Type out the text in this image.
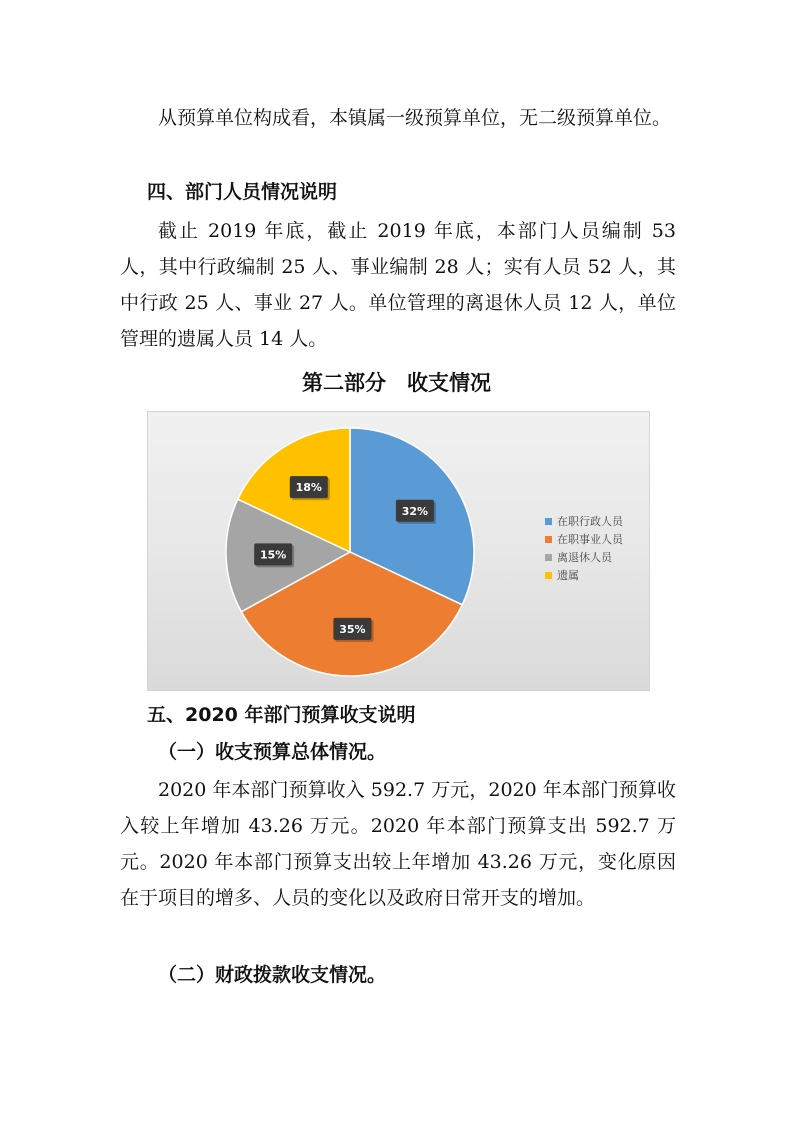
从预算单位构成看，本镇属一级预算单位，无二级预算单位。

四、部门人员情况说明

截止 2019 年底，截止 2019 年底，本部门人员编制 53 人，其中行政编制 25 人、事业编制 28 人；实有人员 52 人，其中行政 25 人、事业 27 人。单位管理的离退休人员 12 人，单位管理的遗属人员 14 人。

第二部分　收支情况
32%
35%
15%
18%
在职行政人员
在职事业人员
离退休人员
遗属

五、2020 年部门预算收支说明

（一）收支预算总体情况。

2020 年本部门预算收入 592.7 万元，2020 年本部门预算收入较上年增加 43.26 万元。2020 年本部门预算支出 592.7 万元。2020 年本部门预算支出较上年增加 43.26 万元，变化原因在于项目的增多、人员的变化以及政府日常开支的增加。

（二）财政拨款收支情况。
